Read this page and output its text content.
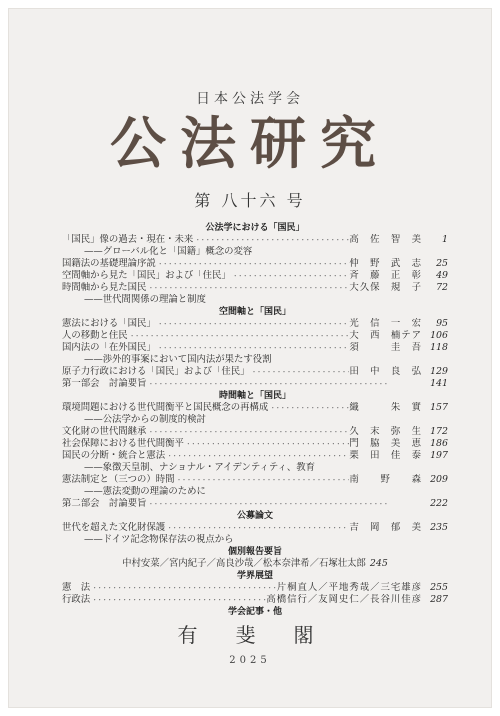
日本公法学会
公法研究
第 八十六 号
公法学における「国民」
「国民」像の過去・現在・未来 ・・・・・・・・・・・・・・・・・・・・・・・・・・・・・・・・・・・・・・・・・・・・・・・・	高　佐　智　美	1
——グローバル化と「国籍」概念の変容
国籍法の基礎理論序説 ・・・・・・・・・・・・・・・・・・・・・・・・・・・・・・・・・・・・・・・・・・・・・・・・	仲　野　武　志	25
空間軸から見た「国民」および「住民」 ・・・・・・・・・・・・・・・・・・・・・・・・・・・・・・・・・・・・・・・・・・・・・・・・	斉　藤　正　彰	49
時間軸から見た国民 ・・・・・・・・・・・・・・・・・・・・・・・・・・・・・・・・・・・・・・・・・・・・・・・・	大久保　規　子	72
——世代間関係の理論と制度
空間軸と「国民」
憲法における「国民」 ・・・・・・・・・・・・・・・・・・・・・・・・・・・・・・・・・・・・・・・・・・・・・・・・	光　信　一　宏	95
人の移動と住民 ・・・・・・・・・・・・・・・・・・・・・・・・・・・・・・・・・・・・・・・・・・・・・・・・	大　西　楠テア 106
国内法の「在外国民」 ・・・・・・・・・・・・・・・・・・・・・・・・・・・・・・・・・・・・・・・・・・・・・・・・	須　　　圭　吾 118
——渉外的事案において国内法が果たす役割
原子力行政における「国民」および「住民」 ・・・・・・・・・・・・・・・・・・・・・・・・・・・・・・・・・・・・・・・・・・・・・・・・	田　中　良　弘 129
第一部会　討論要旨 ・・・・・・・・・・・・・・・・・・・・・・・・・・・・・・・・・・・・・・・・・・・・・・・・	141
時間軸と「国民」
環境問題における世代間衡平と国民概念の再構成 ・・・・・・・・・・・・・・・・・・・・・・・・・・・・・・・・・・・・・・・・・・・・・・・・	織　　　朱　實 157
——公法学からの制度的検討
文化財の世代間継承 ・・・・・・・・・・・・・・・・・・・・・・・・・・・・・・・・・・・・・・・・・・・・・・・・	久　末　弥　生 172
社会保障における世代間衡平 ・・・・・・・・・・・・・・・・・・・・・・・・・・・・・・・・・・・・・・・・・・・・・・・・	門　脇　美　恵 186
国民の分断・統合と憲法 ・・・・・・・・・・・・・・・・・・・・・・・・・・・・・・・・・・・・・・・・・・・・・・・・	栗　田　佳　泰 197
——象徴天皇制、ナショナル・アイデンティティ、教育
憲法制定と（三つの）時間 ・・・・・・・・・・・・・・・・・・・・・・・・・・・・・・・・・・・・・・・・・・・・・・・・	南　　野　　森 209
——憲法変動の理論のために
第二部会　討論要旨 ・・・・・・・・・・・・・・・・・・・・・・・・・・・・・・・・・・・・・・・・・・・・・・・・	222
公募論文
世代を超えた文化財保護 ・・・・・・・・・・・・・・・・・・・・・・・・・・・・・・・・・・・・・・・・・・・・・・・・	吉　岡　郁　美 235
——ドイツ記念物保存法の視点から
個別報告要旨
中村安菜／宮内紀子／高良沙哉／松本奈津希／石塚壮太郎 245
学界展望
憲　法 ・・・・・・・・・・・・・・・・・・・・・・・・・・・・・・・・・・・・・・・・・・・・・・・・	片桐直人／平地秀哉／三宅雄彦 255
行政法 ・・・・・・・・・・・・・・・・・・・・・・・・・・・・・・・・・・・・・・・・・・・・・・・・	高橋信行／友岡史仁／長谷川佳彦 287
学会記事・他
有　斐　閣
2025
